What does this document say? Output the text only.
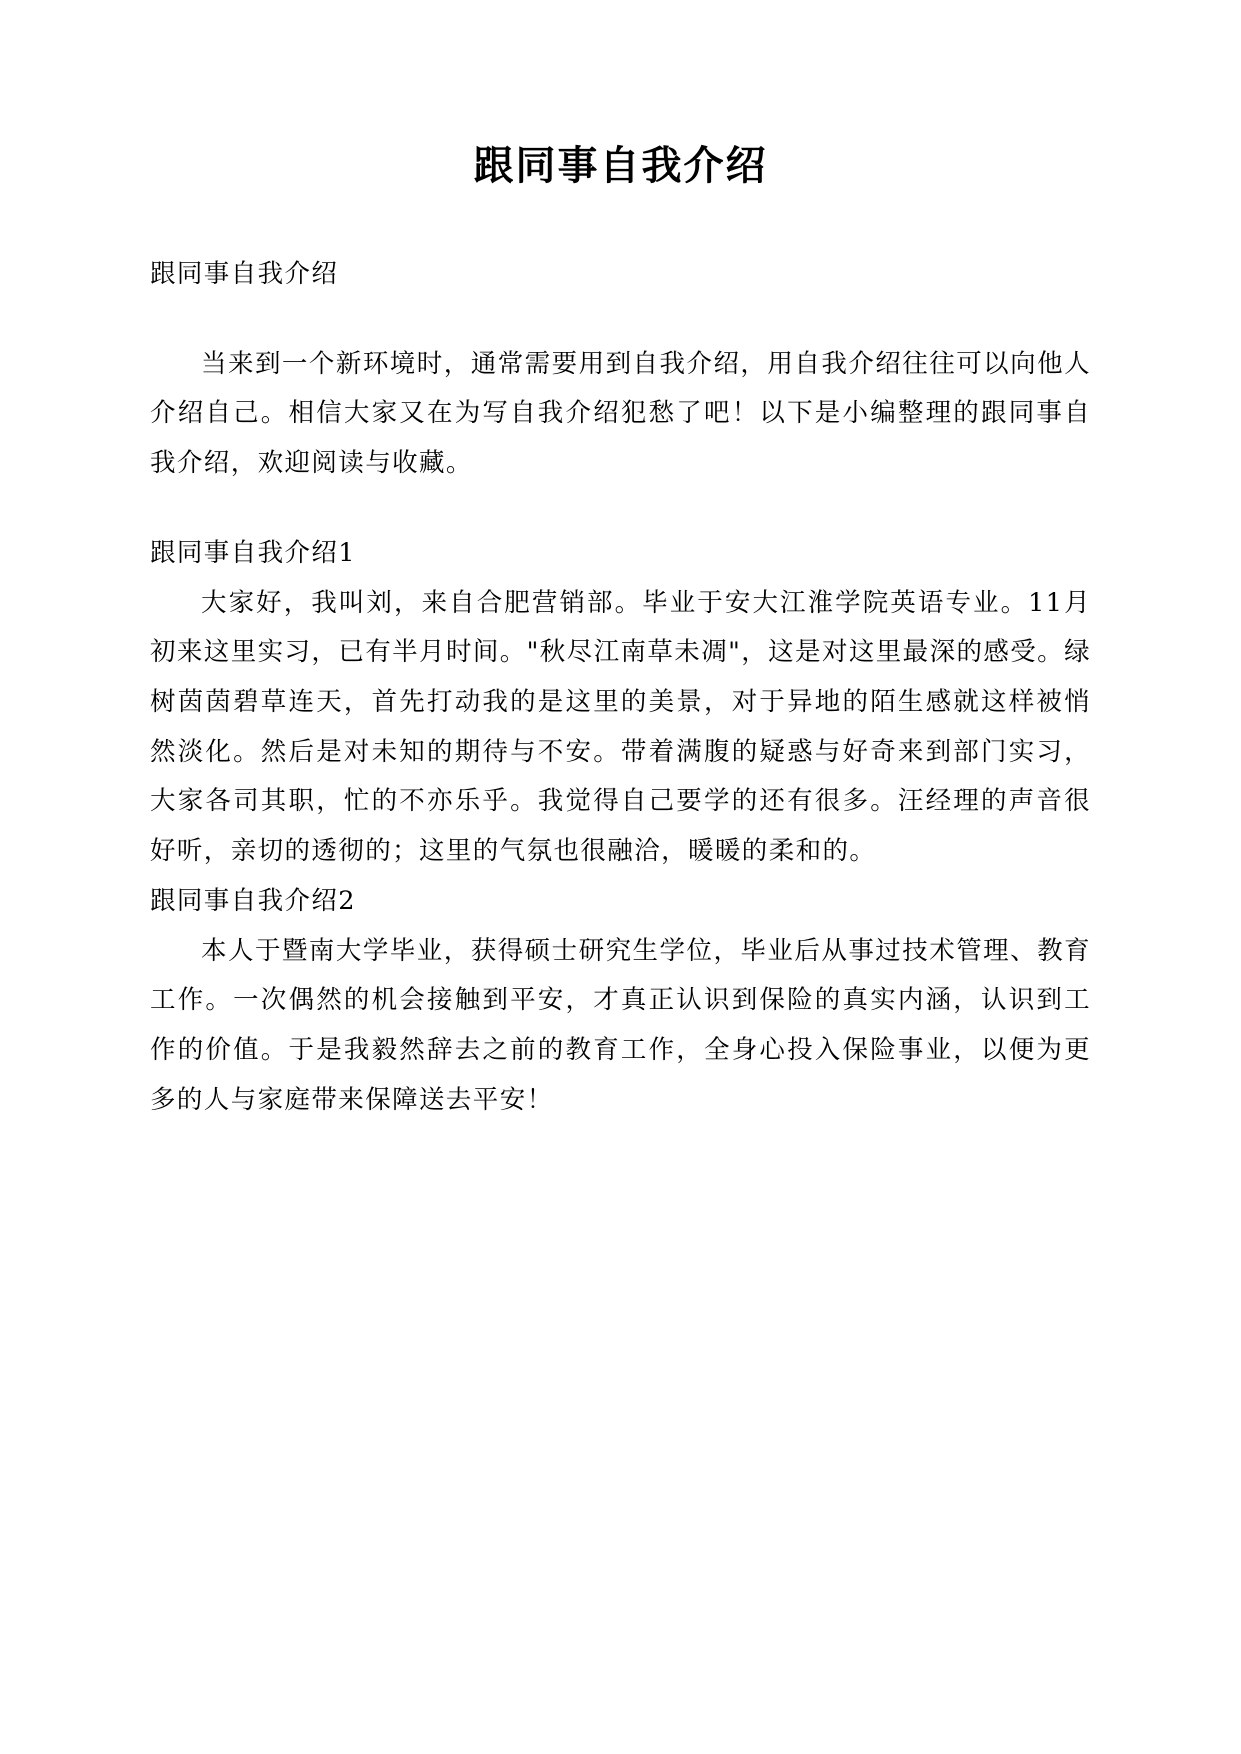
跟同事自我介绍

跟同事自我介绍

当来到一个新环境时，通常需要用到自我介绍，用自我介绍往往可以向他人介绍自己。相信大家又在为写自我介绍犯愁了吧！以下是小编整理的跟同事自我介绍，欢迎阅读与收藏。

跟同事自我介绍1

大家好，我叫刘，来自合肥营销部。毕业于安大江淮学院英语专业。11月初来这里实习，已有半月时间。"秋尽江南草未凋"，这是对这里最深的感受。绿树茵茵碧草连天，首先打动我的是这里的美景，对于异地的陌生感就这样被悄然淡化。然后是对未知的期待与不安。带着满腹的疑惑与好奇来到部门实习，大家各司其职，忙的不亦乐乎。我觉得自己要学的还有很多。汪经理的声音很好听，亲切的透彻的；这里的气氛也很融洽，暖暖的柔和的。

跟同事自我介绍2

本人于暨南大学毕业，获得硕士研究生学位，毕业后从事过技术管理、教育工作。一次偶然的机会接触到平安，才真正认识到保险的真实内涵，认识到工作的价值。于是我毅然辞去之前的教育工作，全身心投入保险事业，以便为更多的人与家庭带来保障送去平安！
